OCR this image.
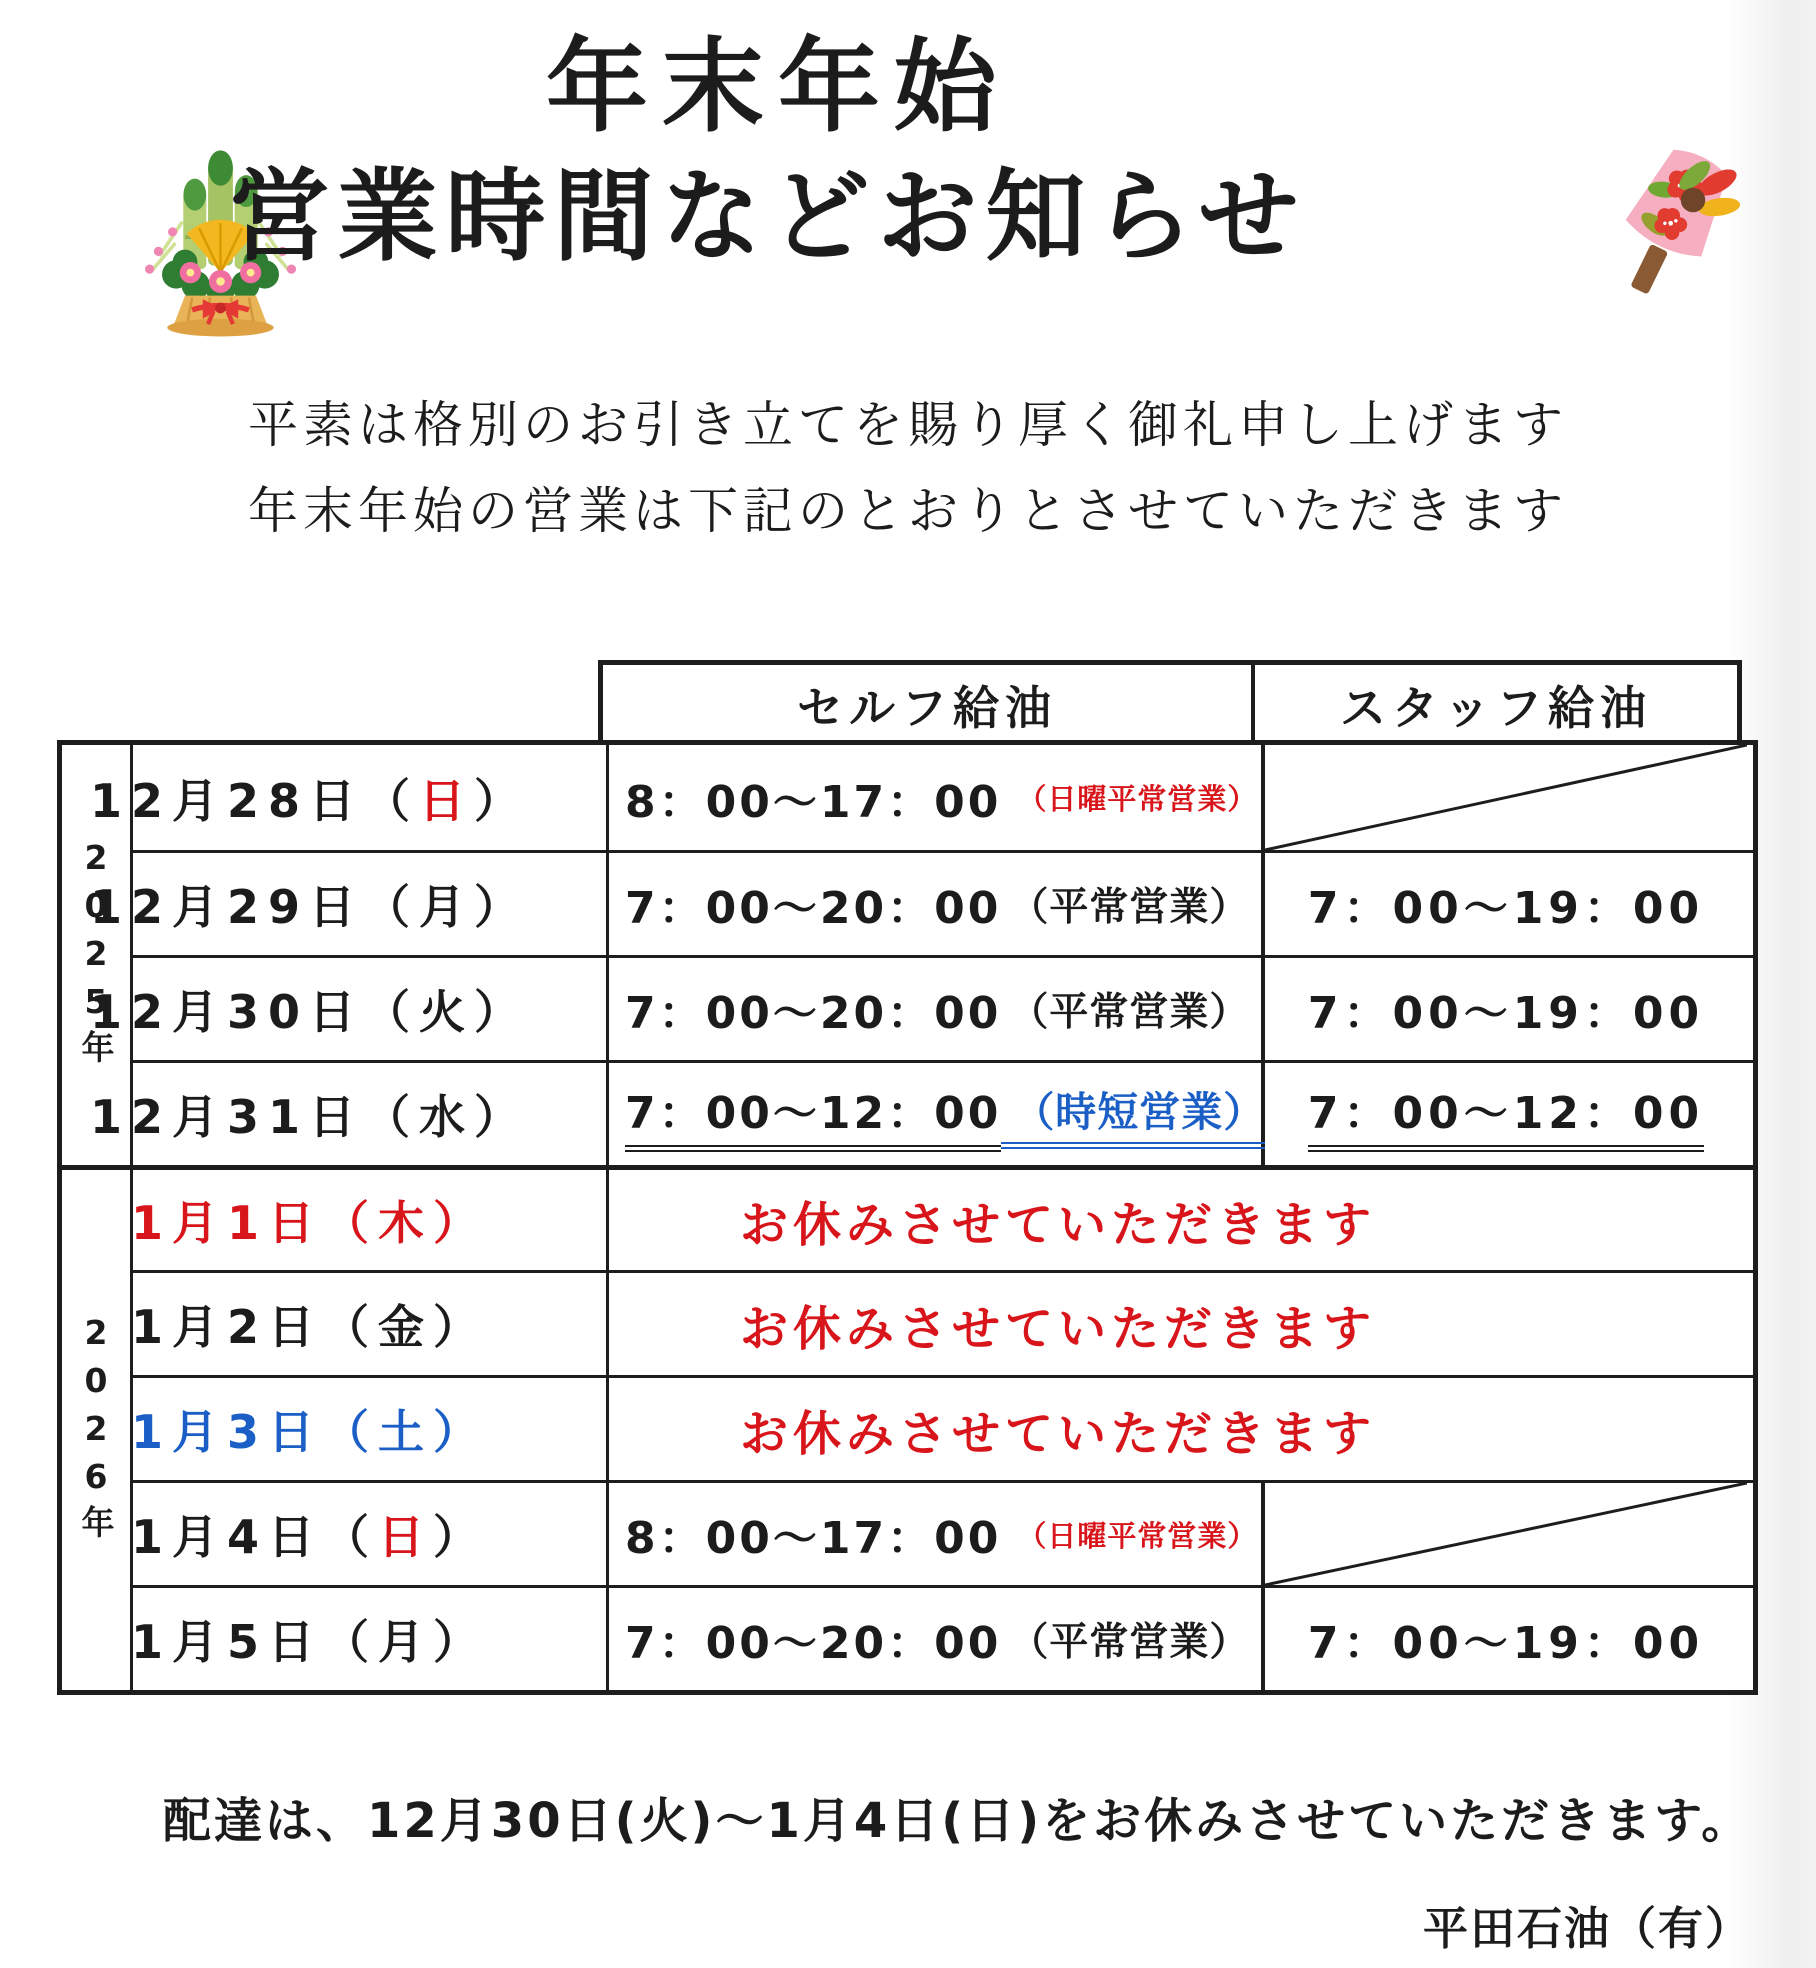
年末年始
営業時間などお知らせ
平素は格別のお引き立てを賜り厚く御礼申し上げます
年末年始の営業は下記のとおりとさせていただきます
セルフ給油	スタッフ給油
2025年
2026年
12月28日 （ 日 ） 8：00～17：00 （日曜平常営業）
12月29日 （ 月 ） 7：00～20：00 （平常営業） 7：00～19：00
12月30日 （ 火 ） 7：00～20：00 （平常営業） 7：00～19：00
12月31日 （ 水 ） 7：00～12：00 （時短営業） 7：00～12：00
1月1日 （ 木 ）	お休みさせていただきます
1月2日 （ 金 ）	お休みさせていただきます
1月3日 （ 土 ）	お休みさせていただきます
1月4日 （ 日 ）	8：00～17：00 （日曜平常営業）
1月5日 （ 月 ）	7：00～20：00 （平常営業） 7：00～19：00
配達は、12月30日(火)～1月4日(日)をお休みさせていただきます。
平田石油（有）
